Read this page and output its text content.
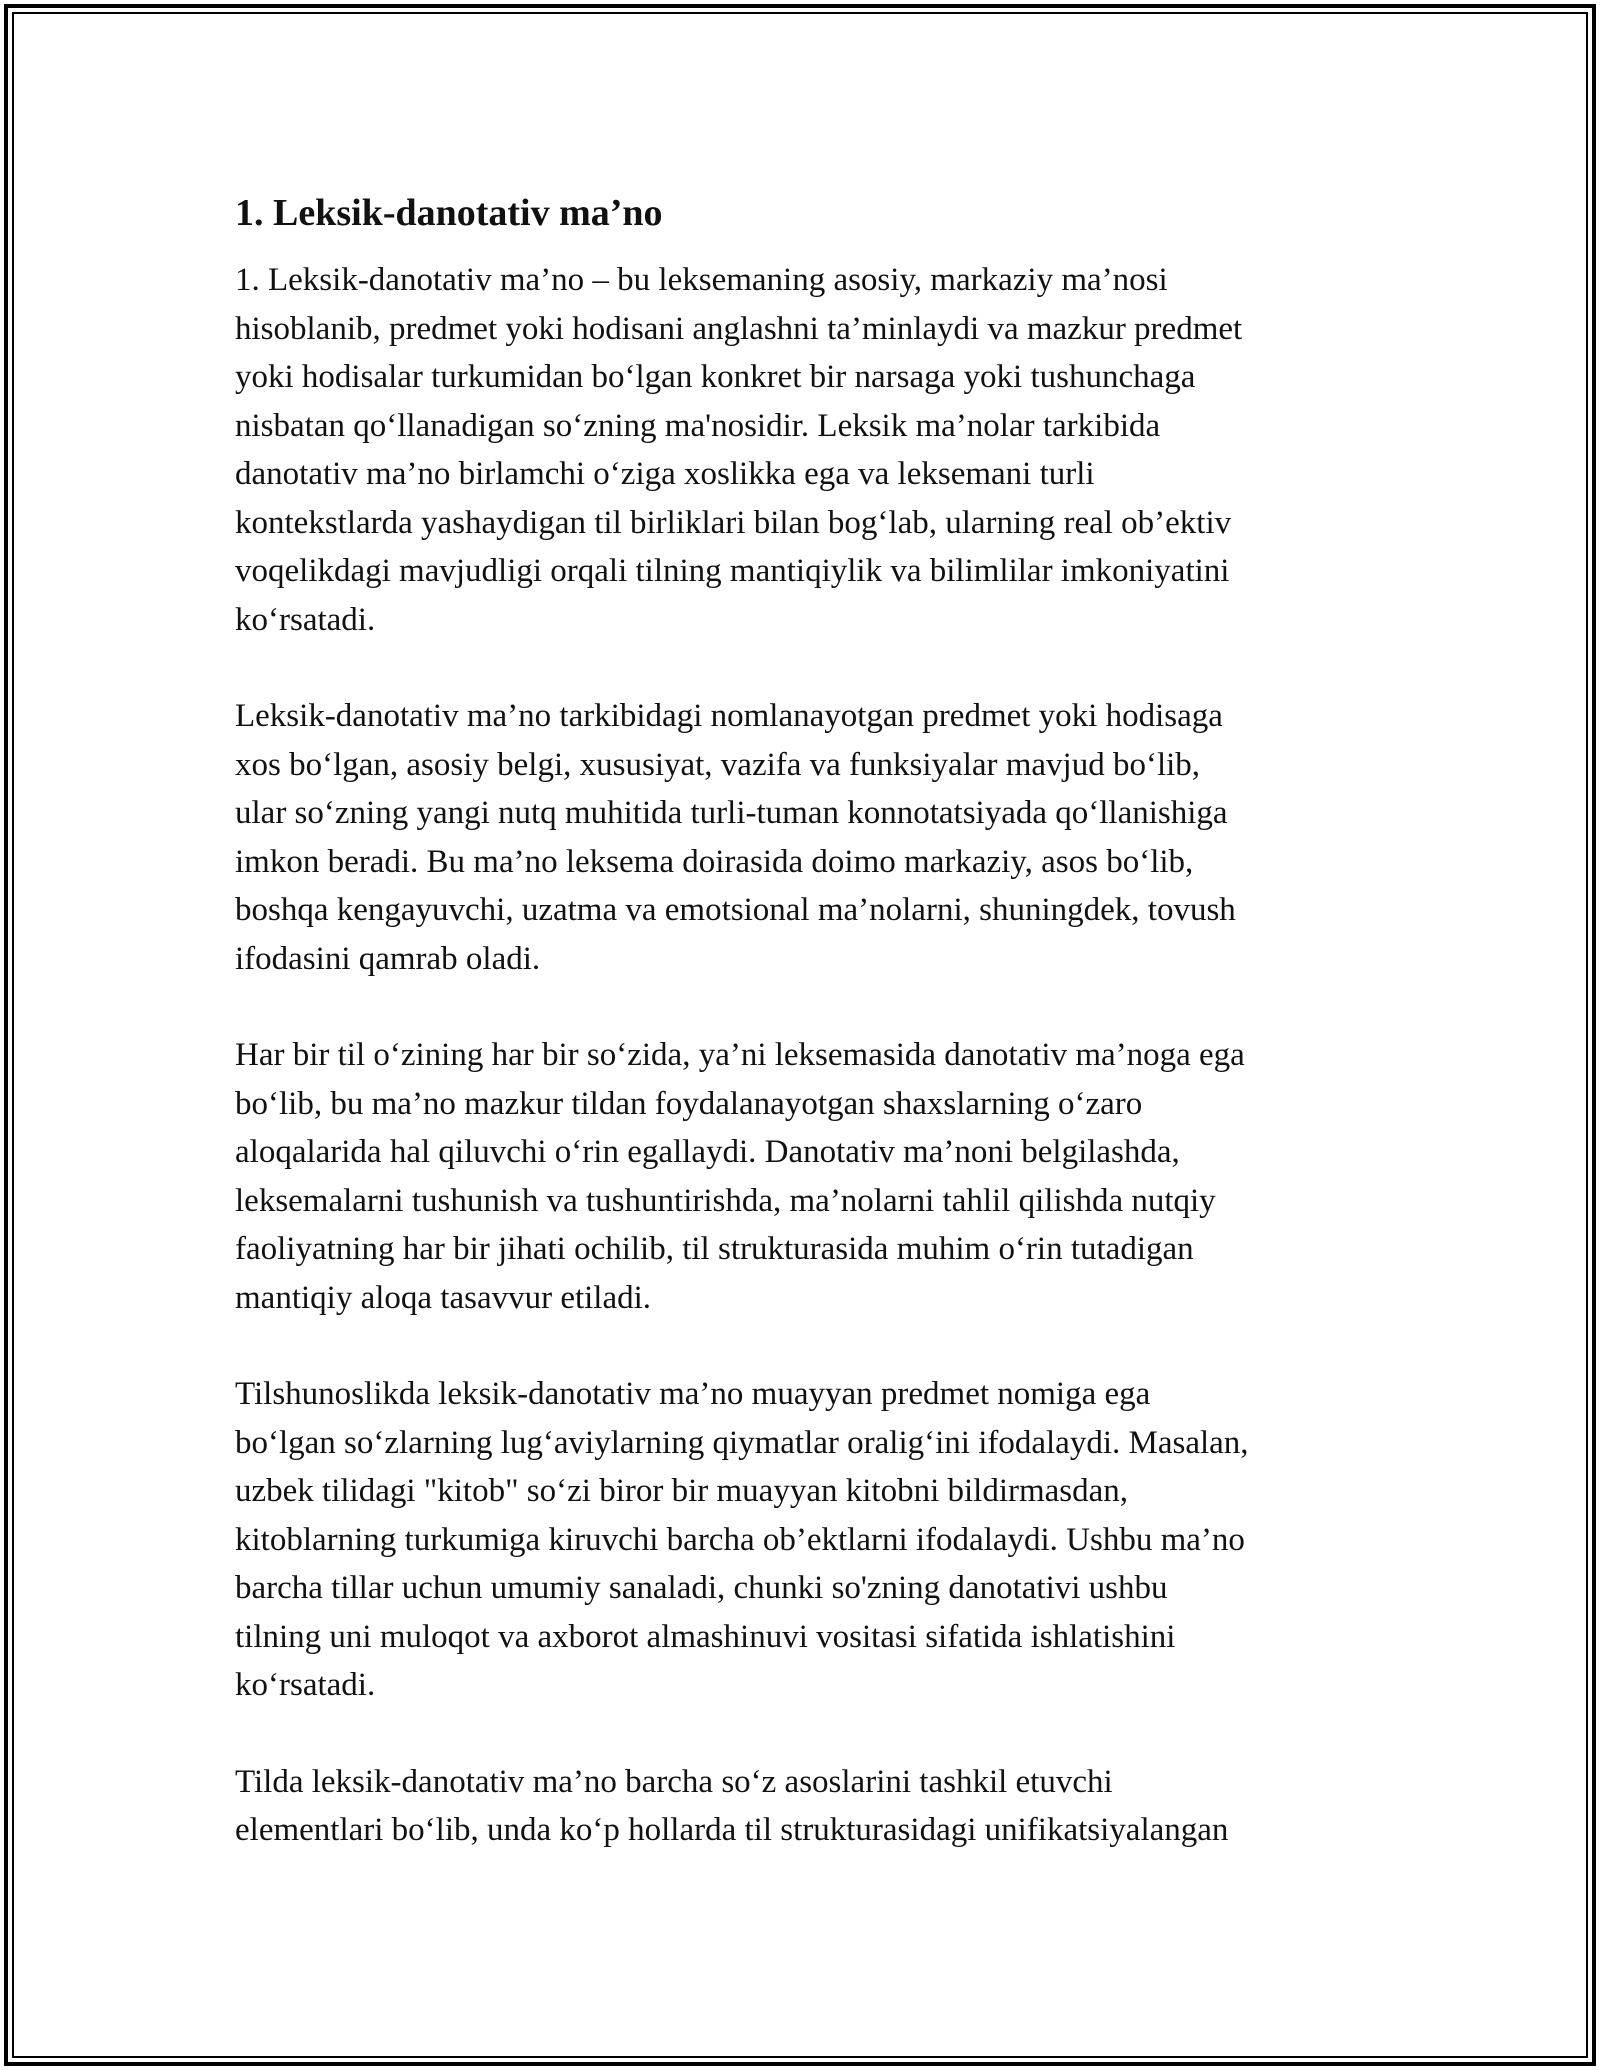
1. Leksik-danotativ ma’no
1. Leksik-danotativ ma’no – bu leksemaning asosiy, markaziy ma’nosi
hisoblanib, predmet yoki hodisani anglashni ta’minlaydi va mazkur predmet
yoki hodisalar turkumidan bo‘lgan konkret bir narsaga yoki tushunchaga
nisbatan qo‘llanadigan so‘zning ma'nosidir. Leksik ma’nolar tarkibida
danotativ ma’no birlamchi o‘ziga xoslikka ega va leksemani turli
kontekstlarda yashaydigan til birliklari bilan bog‘lab, ularning real ob’ektiv
voqelikdagi mavjudligi orqali tilning mantiqiylik va bilimlilar imkoniyatini
ko‘rsatadi.
Leksik-danotativ ma’no tarkibidagi nomlanayotgan predmet yoki hodisaga
xos bo‘lgan, asosiy belgi, xususiyat, vazifa va funksiyalar mavjud bo‘lib,
ular so‘zning yangi nutq muhitida turli-tuman konnotatsiyada qo‘llanishiga
imkon beradi. Bu ma’no leksema doirasida doimo markaziy, asos bo‘lib,
boshqa kengayuvchi, uzatma va emotsional ma’nolarni, shuningdek, tovush
ifodasini qamrab oladi.
Har bir til o‘zining har bir so‘zida, ya’ni leksemasida danotativ ma’noga ega
bo‘lib, bu ma’no mazkur tildan foydalanayotgan shaxslarning o‘zaro
aloqalarida hal qiluvchi o‘rin egallaydi. Danotativ ma’noni belgilashda,
leksemalarni tushunish va tushuntirishda, ma’nolarni tahlil qilishda nutqiy
faoliyatning har bir jihati ochilib, til strukturasida muhim o‘rin tutadigan
mantiqiy aloqa tasavvur etiladi.
Tilshunoslikda leksik-danotativ ma’no muayyan predmet nomiga ega
bo‘lgan so‘zlarning lug‘aviylarning qiymatlar oralig‘ini ifodalaydi. Masalan,
uzbek tilidagi "kitob" so‘zi biror bir muayyan kitobni bildirmasdan,
kitoblarning turkumiga kiruvchi barcha ob’ektlarni ifodalaydi. Ushbu ma’no
barcha tillar uchun umumiy sanaladi, chunki so'zning danotativi ushbu
tilning uni muloqot va axborot almashinuvi vositasi sifatida ishlatishini
ko‘rsatadi.
Tilda leksik-danotativ ma’no barcha so‘z asoslarini tashkil etuvchi
elementlari bo‘lib, unda ko‘p hollarda til strukturasidagi unifikatsiyalangan
